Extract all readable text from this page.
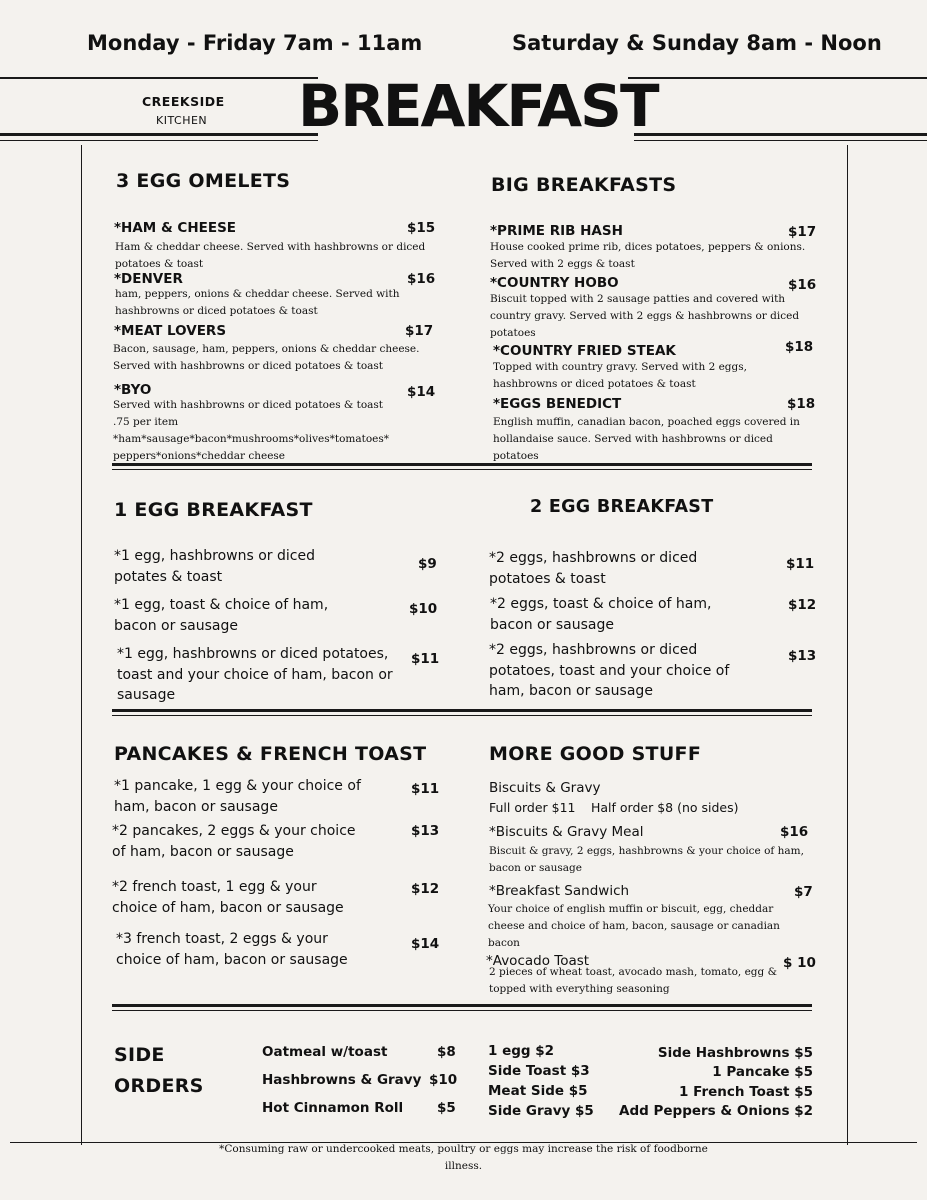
Monday - Friday 7am - 11am	Saturday & Sunday 8am - Noon
CREEKSIDE
KITCHEN BREAKFAST
3 EGG OMELETS
*HAM & CHEESE	$15
Ham & cheddar cheese. Served with hashbrowns or diced potatoes & toast
*DENVER	$16
ham, peppers, onions & cheddar cheese. Served with hashbrowns or diced potatoes & toast
*MEAT LOVERS	$17
Bacon, sausage, ham, peppers, onions & cheddar cheese. Served with hashbrowns or diced potatoes & toast
*BYO	$14
Served with hashbrowns or diced potatoes & toast .75 per item *ham*sausage*bacon*mushrooms*olives*tomatoes* peppers*onions*cheddar cheese
BIG BREAKFASTS
*PRIME RIB HASH	$17
House cooked prime rib, dices potatoes, peppers & onions. Served with 2 eggs & toast
*COUNTRY HOBO	$16
Biscuit topped with 2 sausage patties and covered with country gravy. Served with 2 eggs & hashbrowns or diced potatoes
*COUNTRY FRIED STEAK	$18
Topped with country gravy. Served with 2 eggs, hashbrowns or diced potatoes & toast
*EGGS BENEDICT	$18
English muffin, canadian bacon, poached eggs covered in hollandaise sauce. Served with hashbrowns or diced potatoes
1 EGG BREAKFAST
*1 egg, hashbrowns or diced potates & toast
$9
*1 egg, toast & choice of ham, bacon or sausage
$10
*1 egg, hashbrowns or diced potatoes, toast and your choice of ham, bacon or sausage
$11
2 EGG BREAKFAST
*2 eggs, hashbrowns or diced potatoes & toast
$11
*2 eggs, toast & choice of ham, bacon or sausage
$12
*2 eggs, hashbrowns or diced potatoes, toast and your choice of ham, bacon or sausage
$13
PANCAKES & FRENCH TOAST
*1 pancake, 1 egg & your choice of ham, bacon or sausage
$11
*2 pancakes, 2 eggs & your choice of ham, bacon or sausage
$13
*2 french toast, 1 egg & your choice of ham, bacon or sausage
$12
*3 french toast, 2 eggs & your choice of ham, bacon or sausage
$14
MORE GOOD STUFF
Biscuits & Gravy
Full order $11 Half order $8 (no sides)
*Biscuits & Gravy Meal	$16
Biscuit & gravy, 2 eggs, hashbrowns & your choice of ham, bacon or sausage
*Breakfast Sandwich	$7
Your choice of english muffin or biscuit, egg, cheddar cheese and choice of ham, bacon, sausage or canadian bacon
*Avocado Toast	$ 10
2 pieces of wheat toast, avocado mash, tomato, egg & topped with everything seasoning
SIDE
ORDERS
Oatmeal w/toast	$8
Hashbrowns & Gravy $10
Hot Cinnamon Roll	$5
1 egg $2
Side Toast $3
Meat Side $5
Side Gravy $5
Side Hashbrowns $5
1 Pancake $5
1 French Toast $5
Add Peppers & Onions $2
*Consuming raw or undercooked meats, poultry or eggs may increase the risk of foodborne illness.
